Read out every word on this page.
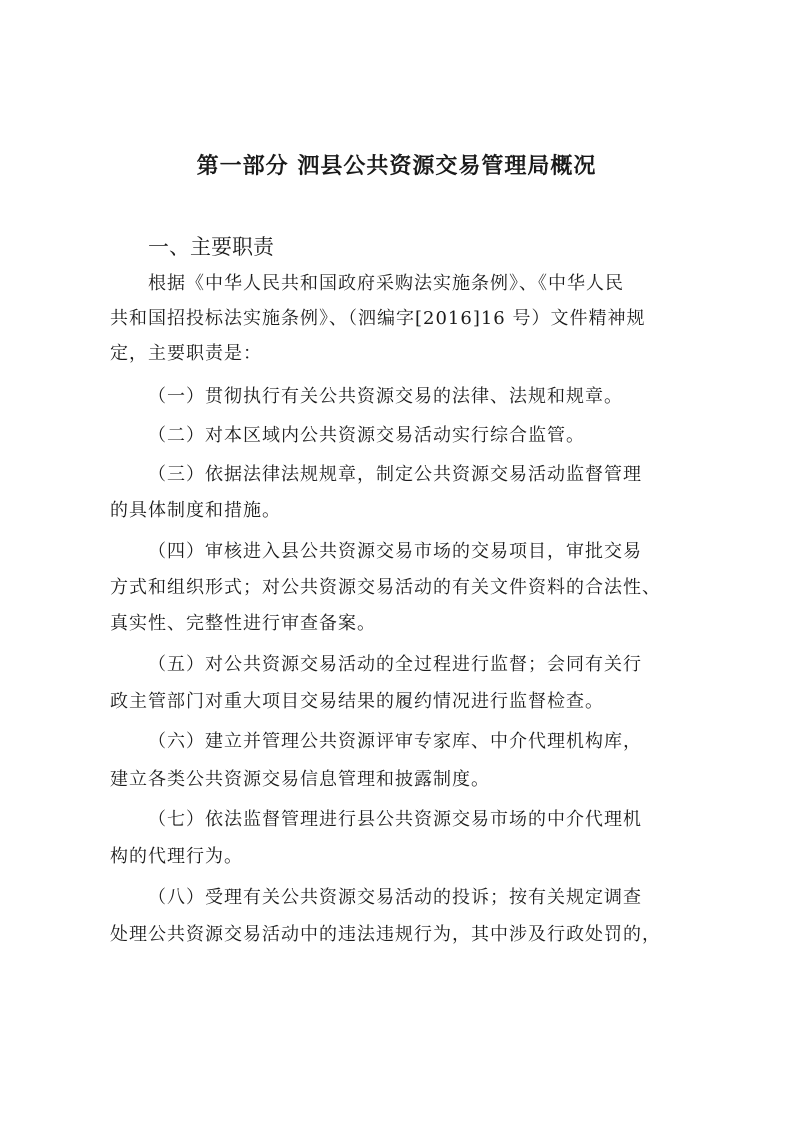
第一部分 泗县公共资源交易管理局概况
一、主要职责
根据《中华人民共和国政府采购法实施条例》、《中华人民
共和国招投标法实施条例》、（泗编字[2016]16 号）文件精神规
定，主要职责是：
（一）贯彻执行有关公共资源交易的法律、法规和规章。
（二）对本区域内公共资源交易活动实行综合监管。
（三）依据法律法规规章，制定公共资源交易活动监督管理
的具体制度和措施。
（四）审核进入县公共资源交易市场的交易项目，审批交易
方式和组织形式；对公共资源交易活动的有关文件资料的合法性、
真实性、完整性进行审查备案。
（五）对公共资源交易活动的全过程进行监督；会同有关行
政主管部门对重大项目交易结果的履约情况进行监督检查。
（六）建立并管理公共资源评审专家库、中介代理机构库，
建立各类公共资源交易信息管理和披露制度。
（七）依法监督管理进行县公共资源交易市场的中介代理机
构的代理行为。
（八）受理有关公共资源交易活动的投诉；按有关规定调查
处理公共资源交易活动中的违法违规行为，其中涉及行政处罚的，
